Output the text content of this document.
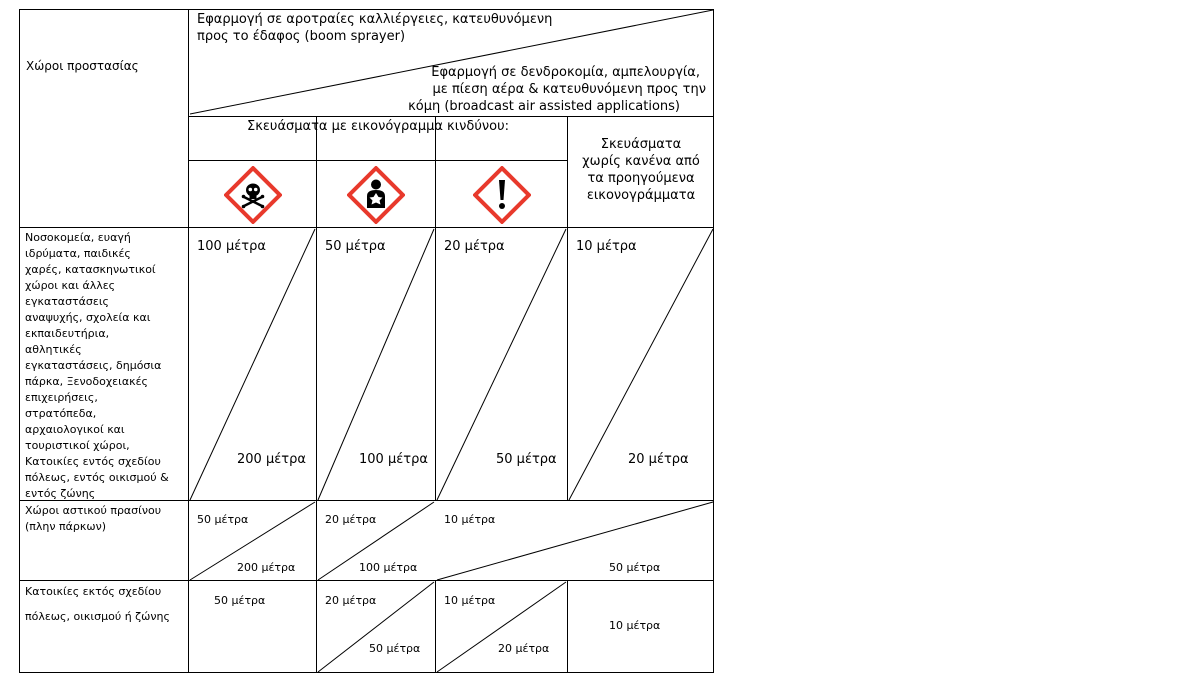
Χώροι προστασίας
Εφαρμογή σε αροτραίες καλλιέργειες, κατευθυνόμενη
προς το έδαφος (boom sprayer)
Εφαρμογή σε δενδροκομία, αμπελουργία,
με πίεση αέρα & κατευθυνόμενη προς την
κόμη (broadcast air assisted applications)
Σκευάσματα με εικονόγραμμα κινδύνου:
Σκευάσματα
χωρίς κανένα από
τα προηγούμενα
εικονογράμματα
Νοσοκομεία, ευαγή
ιδρύματα, παιδικές
χαρές, κατασκηνωτικοί
χώροι και άλλες
εγκαταστάσεις
αναψυχής, σχολεία και
εκπαιδευτήρια,
αθλητικές
εγκαταστάσεις, δημόσια
πάρκα, Ξενοδοχειακές
επιχειρήσεις,
στρατόπεδα,
αρχαιολογικοί και
τουριστικοί χώροι,
Κατοικίες εντός σχεδίου
πόλεως, εντός οικισμού &
εντός ζώνης
100 μέτρα
200 μέτρα
50 μέτρα
100 μέτρα
20 μέτρα
50 μέτρα
10 μέτρα
20 μέτρα
Χώροι αστικού πρασίνου
(πλην πάρκων)
50 μέτρα
200 μέτρα
20 μέτρα
100 μέτρα
10 μέτρα
50 μέτρα
Κατοικίες εκτός σχεδίου
πόλεως, οικισμού ή ζώνης
50 μέτρα	20 μέτρα
50 μέτρα
10 μέτρα
20 μέτρα
10 μέτρα
